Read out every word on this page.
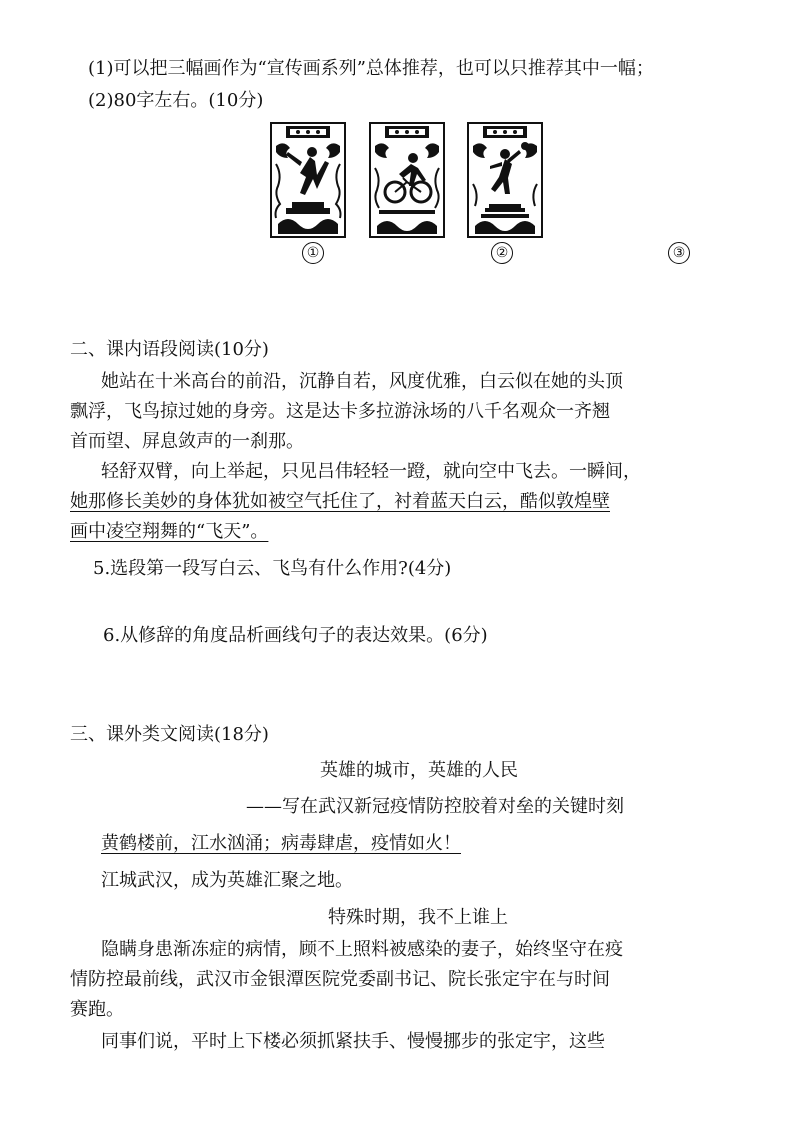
(1)可以把三幅画作为“宣传画系列”总体推荐，也可以只推荐其中一幅；
(2)80字左右。(10分)
①	②	③
二、课内语段阅读(10分)
她站在十米高台的前沿，沉静自若，风度优雅，白云似在她的头顶
飘浮，飞鸟掠过她的身旁。这是达卡多拉游泳场的八千名观众一齐翘
首而望、屏息敛声的一刹那。
轻舒双臂，向上举起，只见吕伟轻轻一蹬，就向空中飞去。一瞬间，
她那修长美妙的身体犹如被空气托住了，衬着蓝天白云，酷似敦煌壁
画中凌空翔舞的“飞天”。
5.选段第一段写白云、飞鸟有什么作用?(4分)
6.从修辞的角度品析画线句子的表达效果。(6分)
三、课外类文阅读(18分)
英雄的城市，英雄的人民
——写在武汉新冠疫情防控胶着对垒的关键时刻
黄鹤楼前，江水汹涌；病毒肆虐，疫情如火！
江城武汉，成为英雄汇聚之地。
特殊时期，我不上谁上
隐瞒身患渐冻症的病情，顾不上照料被感染的妻子，始终坚守在疫
情防控最前线，武汉市金银潭医院党委副书记、院长张定宇在与时间
赛跑。
同事们说，平时上下楼必须抓紧扶手、慢慢挪步的张定宇，这些
